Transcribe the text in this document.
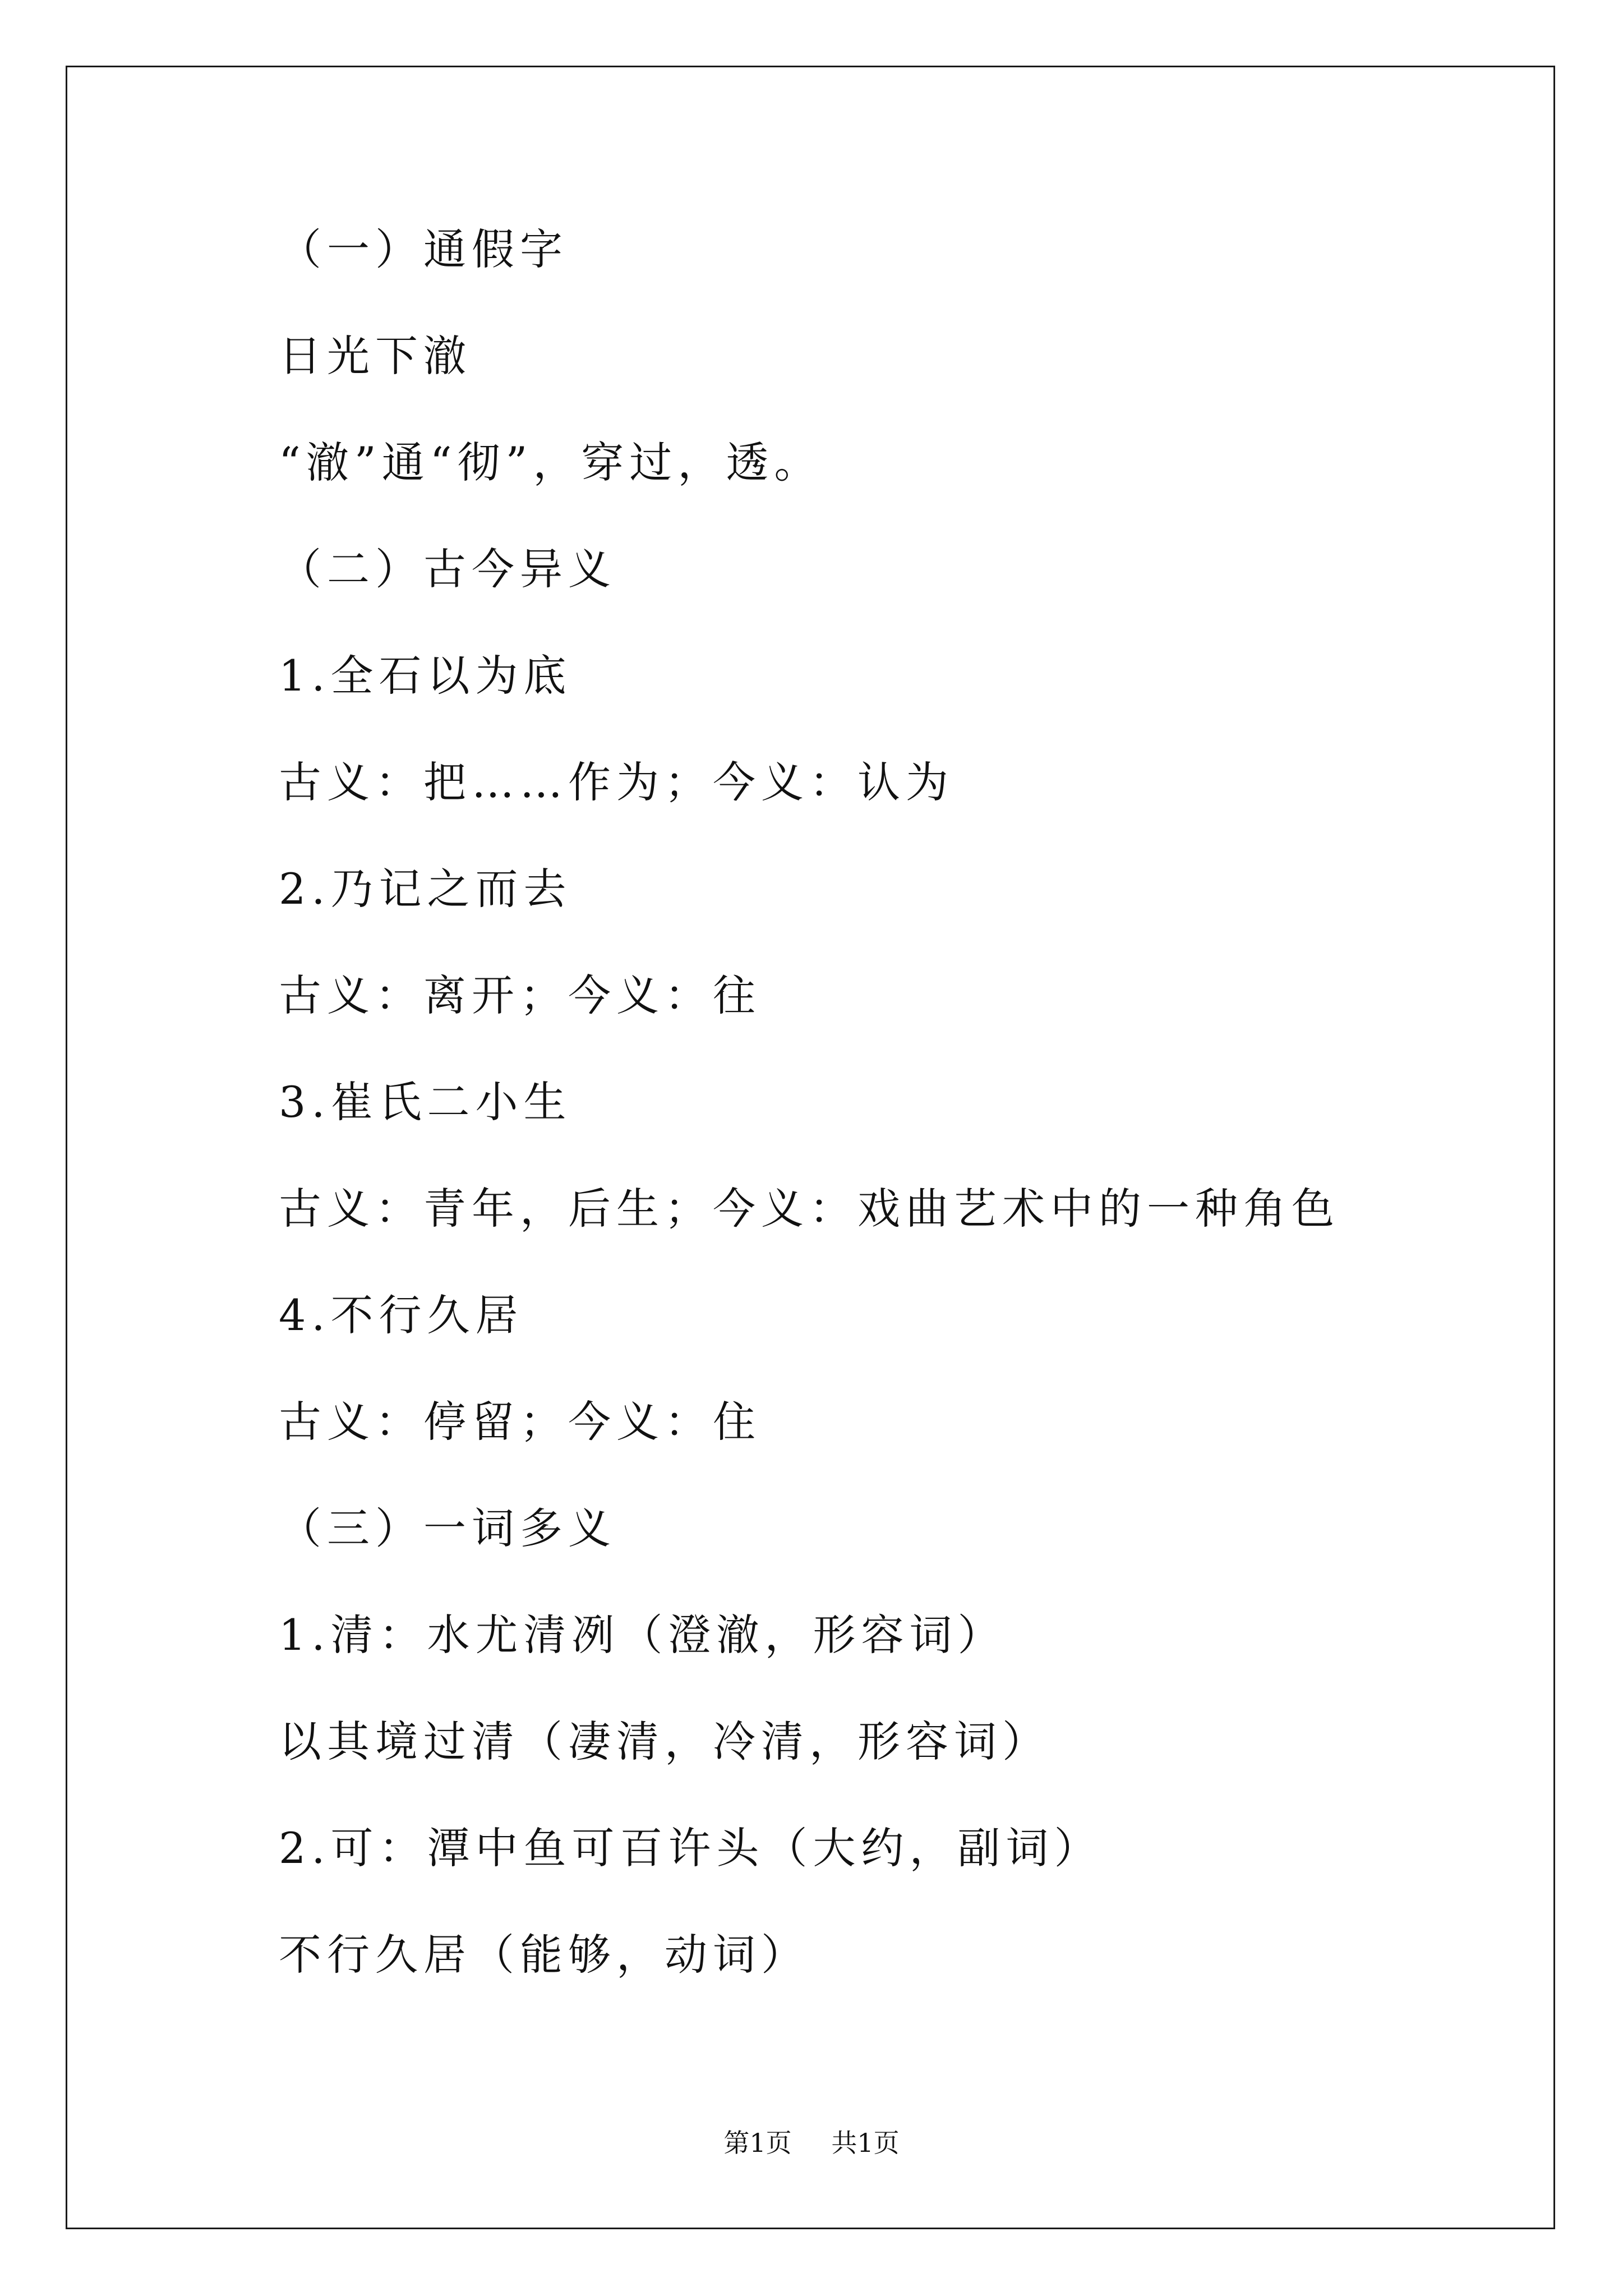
（一）通假字
日光下澈
“澈”通“彻”，穿过，透。
（二）古今异义
1.全石以为底
古义：把……作为；今义：认为
2.乃记之而去
古义：离开；今义：往
3.崔氏二小生
古义：青年，后生；今义：戏曲艺术中的一种角色
4.不行久居
古义：停留；今义：住
（三）一词多义
1.清：水尤清冽（澄澈，形容词）
以其境过清（凄清，冷清，形容词）
2.可：潭中鱼可百许头（大约，副词）
不行久居（能够，动词）
第1页 共1页
